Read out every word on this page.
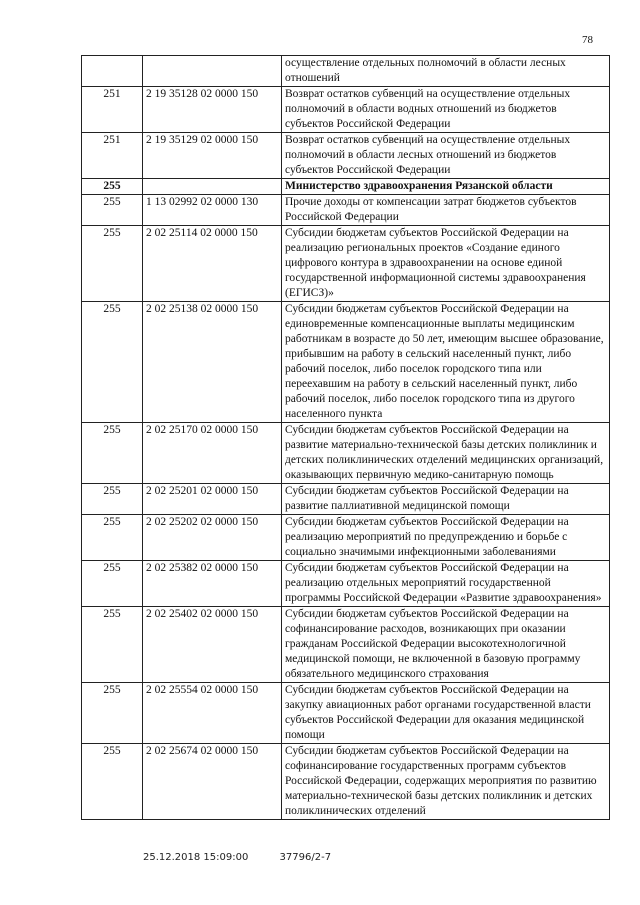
78
		осуществление отдельных полномочий в области лесных отношений
251	2 19 35128 02 0000 150	Возврат остатков субвенций на осуществление отдельных полномочий в области водных отношений из бюджетов субъектов Российской Федерации
251	2 19 35129 02 0000 150	Возврат остатков субвенций на осуществление отдельных полномочий в области лесных отношений из бюджетов субъектов Российской Федерации
255		Министерство здравоохранения Рязанской области
255	1 13 02992 02 0000 130	Прочие доходы от компенсации затрат бюджетов субъектов Российской Федерации
255	2 02 25114 02 0000 150	Субсидии бюджетам субъектов Российской Федерации на реализацию региональных проектов «Создание единого цифрового контура в здравоохранении на основе единой государственной информационной системы здравоохранения (ЕГИСЗ)»
255	2 02 25138 02 0000 150	Субсидии бюджетам субъектов Российской Федерации на единовременные компенсационные выплаты медицинским работникам в возрасте до 50 лет, имеющим высшее образование, прибывшим на работу в сельский населенный пункт, либо рабочий поселок, либо поселок городского типа или переехавшим на работу в сельский населенный пункт, либо рабочий поселок, либо поселок городского типа из другого населенного пункта
255	2 02 25170 02 0000 150	Субсидии бюджетам субъектов Российской Федерации на развитие материально-технической базы детских поликлиник и детских поликлинических отделений медицинских организаций, оказывающих первичную медико-санитарную помощь
255	2 02 25201 02 0000 150	Субсидии бюджетам субъектов Российской Федерации на развитие паллиативной медицинской помощи
255	2 02 25202 02 0000 150	Субсидии бюджетам субъектов Российской Федерации на реализацию мероприятий по предупреждению и борьбе с социально значимыми инфекционными заболеваниями
255	2 02 25382 02 0000 150	Субсидии бюджетам субъектов Российской Федерации на реализацию отдельных мероприятий государственной программы Российской Федерации «Развитие здравоохранения»
255	2 02 25402 02 0000 150	Субсидии бюджетам субъектов Российской Федерации на софинансирование расходов, возникающих при оказании гражданам Российской Федерации высокотехнологичной медицинской помощи, не включенной в базовую программу обязательного медицинского страхования
255	2 02 25554 02 0000 150	Субсидии бюджетам субъектов Российской Федерации на закупку авиационных работ органами государственной власти субъектов Российской Федерации для оказания медицинской помощи
255	2 02 25674 02 0000 150	Субсидии бюджетам субъектов Российской Федерации на софинансирование государственных программ субъектов Российской Федерации, содержащих мероприятия по развитию материально-технической базы детских поликлиник и детских поликлинических отделений
25.12.2018 15:09:00	37796/2-7
